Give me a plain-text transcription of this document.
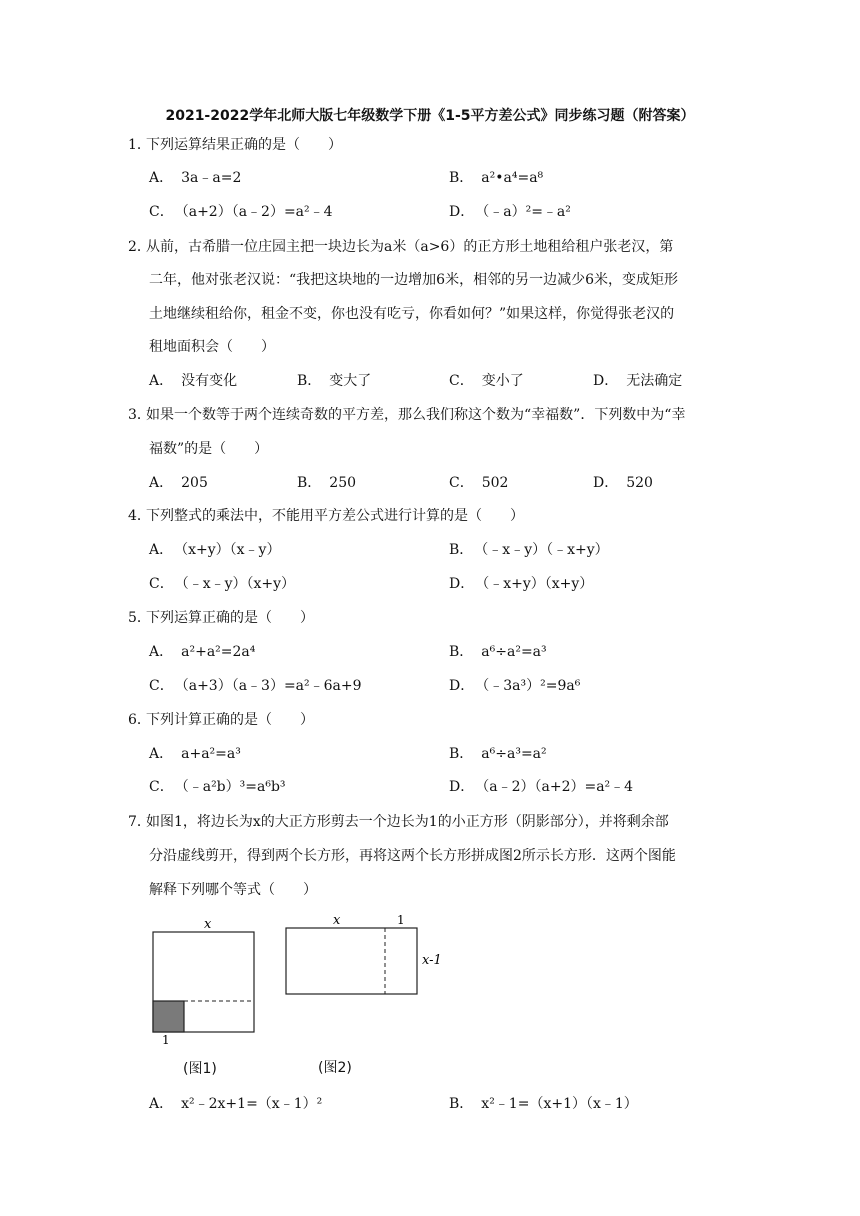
2021-2022学年北师大版七年级数学下册《1-5平方差公式》同步练习题（附答案）
1．下列运算结果正确的是（　　）
A． 3a﹣a=2	B． a²•a⁴=a⁸
C． （a+2）（a﹣2）=a²﹣4	D． （﹣a）²=﹣a²
2．从前，古希腊一位庄园主把一块边长为a米（a>6）的正方形土地租给租户张老汉，第
二年，他对张老汉说：“我把这块地的一边增加6米，相邻的另一边减少6米，变成矩形
土地继续租给你，租金不变，你也没有吃亏，你看如何？”如果这样，你觉得张老汉的
租地面积会（　　）
A． 没有变化	B． 变大了	C． 变小了	D． 无法确定
3．如果一个数等于两个连续奇数的平方差，那么我们称这个数为“幸福数”．下列数中为“幸
福数”的是（　　）
A． 205	B． 250	C． 502	D． 520
4．下列整式的乘法中，不能用平方差公式进行计算的是（　　）
A． （x+y）（x﹣y）	B． （﹣x﹣y）（﹣x+y）
C． （﹣x﹣y）（x+y）	D． （﹣x+y）（x+y）
5．下列运算正确的是（　　）
A． a²+a²=2a⁴	B． a⁶÷a²=a³
C． （a+3）（a﹣3）=a²﹣6a+9	D． （﹣3a³）²=9a⁶
6．下列计算正确的是（　　）
A． a+a²=a³	B． a⁶÷a³=a²
C． （﹣a²b）³=a⁶b³	D． （a﹣2）（a+2）=a²﹣4
7．如图1，将边长为x的大正方形剪去一个边长为1的小正方形（阴影部分），并将剩余部
分沿虚线剪开，得到两个长方形，再将这两个长方形拼成图2所示长方形．这两个图能
解释下列哪个等式（　　）
x
1
(图1)
x	1
x-1
(图2)
A． x²﹣2x+1=（x﹣1）²	B． x²﹣1=（x+1）（x﹣1）
